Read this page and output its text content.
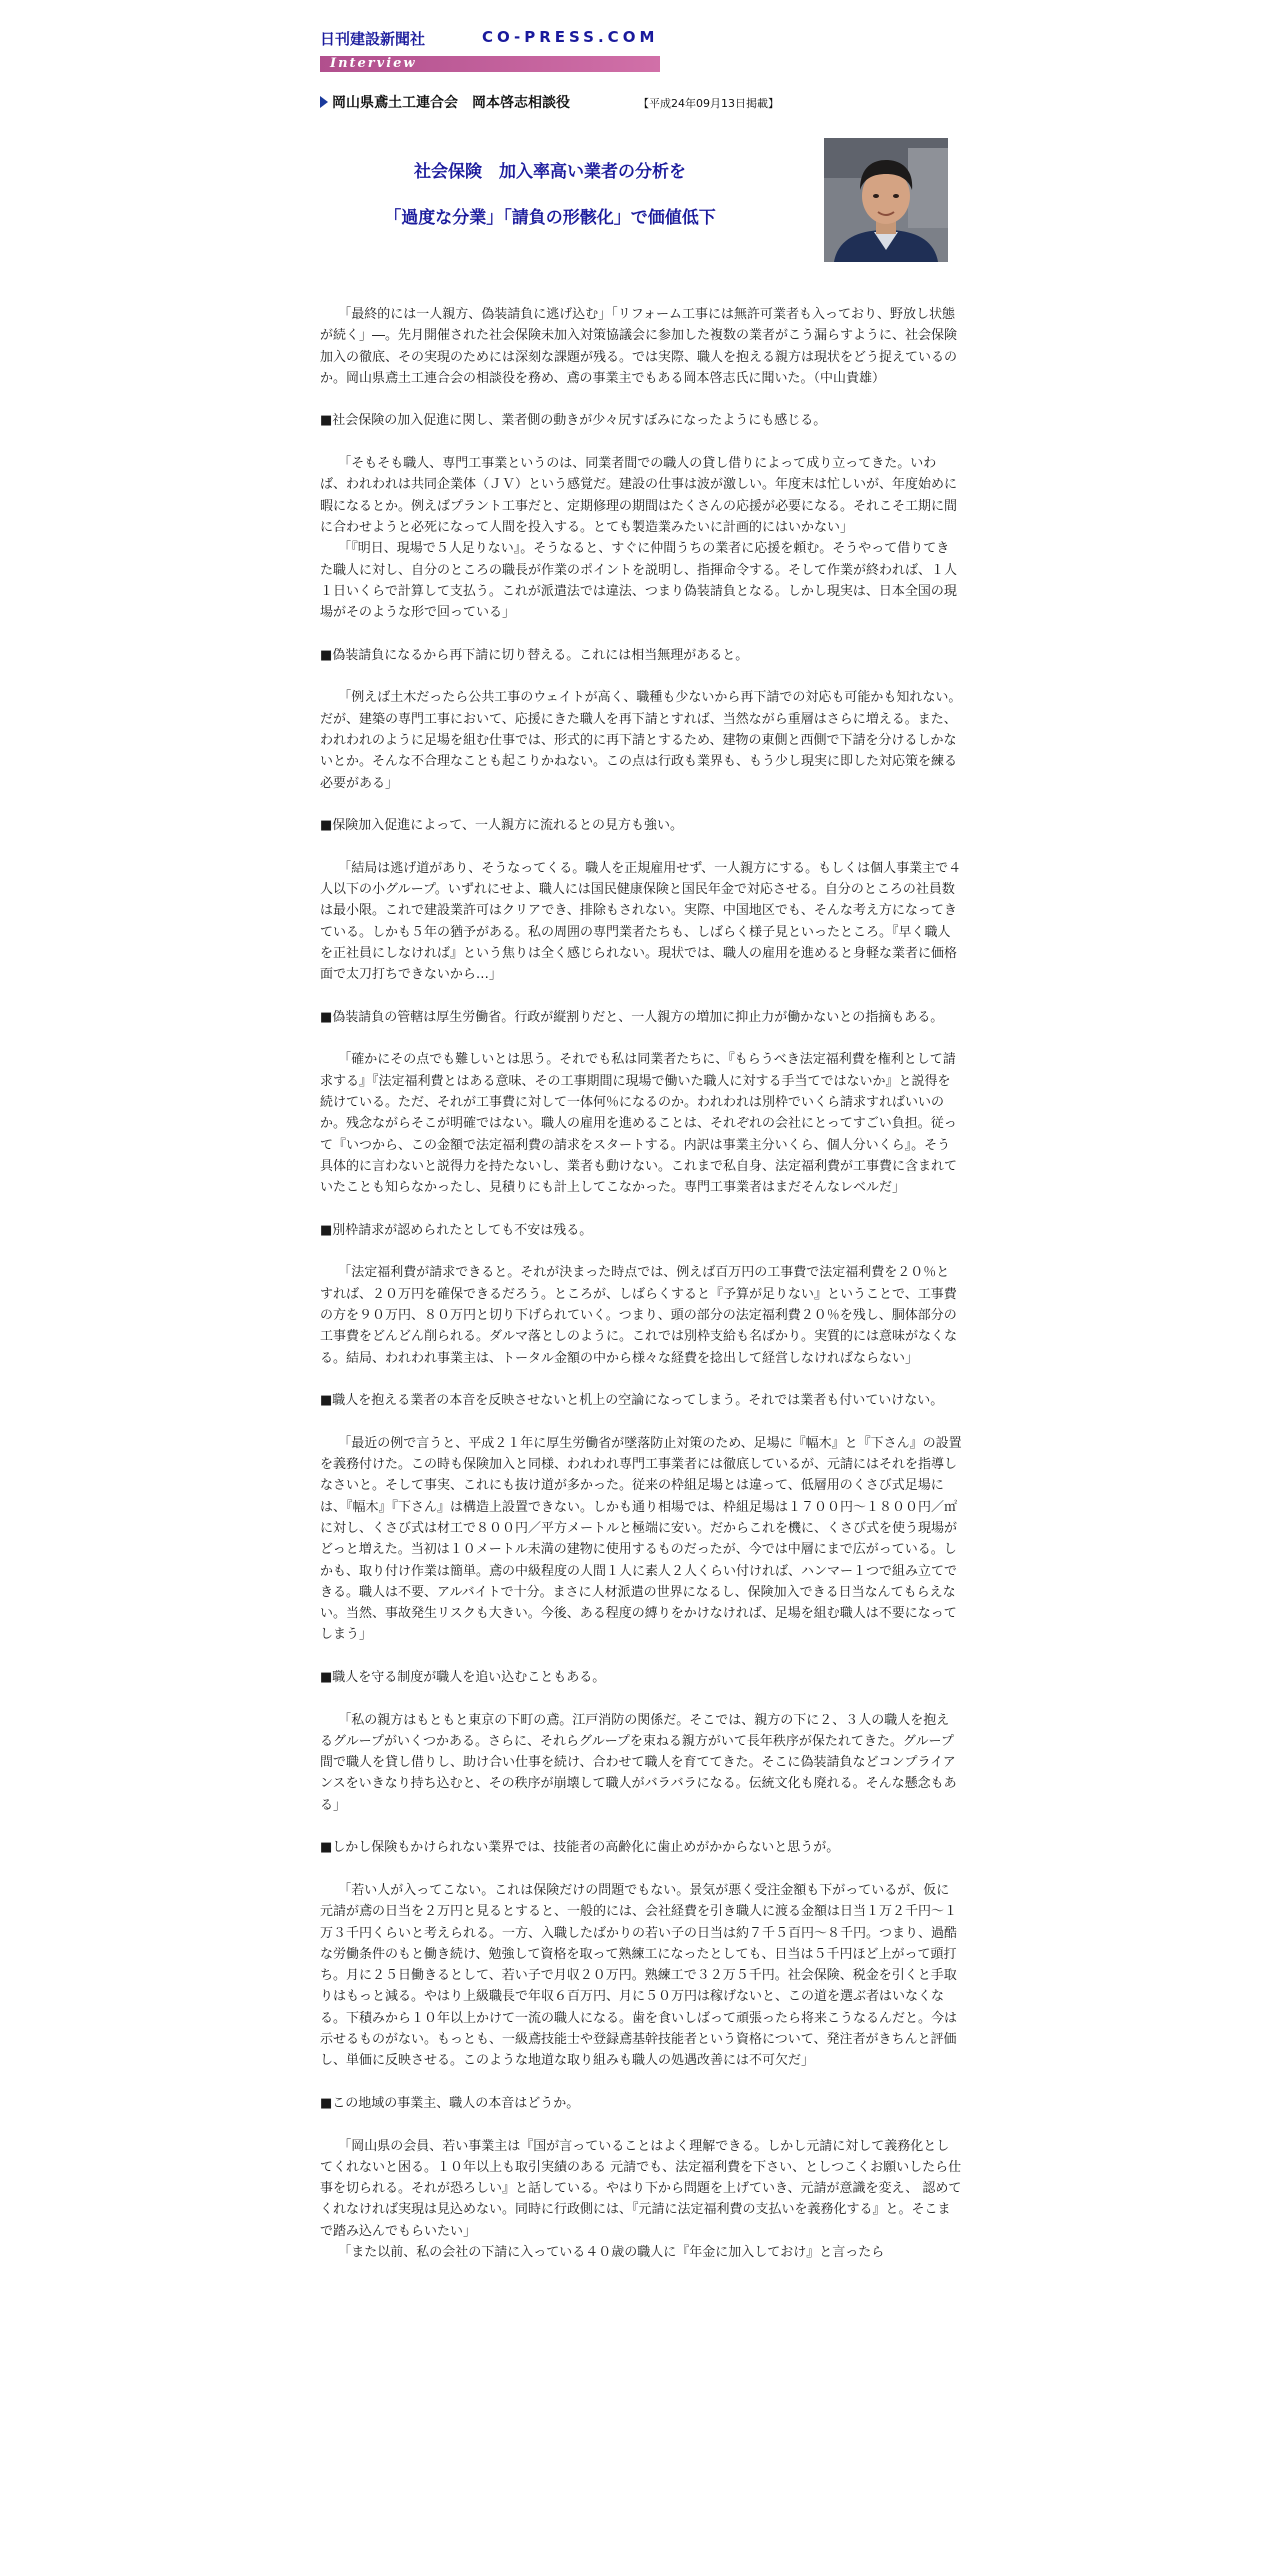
日刊建設新聞社	CO-PRESS.COM
Interview
岡山県鳶土工連合会　岡本啓志相談役	【平成24年09月13日掲載】
社会保険　加入率高い業者の分析を
「過度な分業」「請負の形骸化」で価値低下

「最終的には一人親方、偽装請負に逃げ込む」「リフォーム工事には無許可業者も入っており、野放し状態が続く」―。先月開催された社会保険未加入対策協議会に参加した複数の業者がこう漏らすように、社会保険加入の徹底、その実現のためには深刻な課題が残る。では実際、職人を抱える親方は現状をどう捉えているのか。岡山県鳶土工連合会の相談役を務め、鳶の事業主でもある岡本啓志氏に聞いた。（中山貴雄）

■社会保険の加入促進に関し、業者側の動きが少々尻すぼみになったようにも感じる。

「そもそも職人、専門工事業というのは、同業者間での職人の貸し借りによって成り立ってきた。いわば、われわれは共同企業体（ＪＶ）という感覚だ。建設の仕事は波が激しい。年度末は忙しいが、年度始めに暇になるとか。例えばプラント工事だと、定期修理の期間はたくさんの応援が必要になる。それこそ工期に間に合わせようと必死になって人間を投入する。とても製造業みたいに計画的にはいかない」

「『明日、現場で５人足りない』。そうなると、すぐに仲間うちの業者に応援を頼む。そうやって借りてきた職人に対し、自分のところの職長が作業のポイントを説明し、指揮命令する。そして作業が終われば、１人１日いくらで計算して支払う。これが派遣法では違法、つまり偽装請負となる。しかし現実は、日本全国の現場がそのような形で回っている」

■偽装請負になるから再下請に切り替える。これには相当無理があると。

「例えば土木だったら公共工事のウェイトが高く、職種も少ないから再下請での対応も可能かも知れない。だが、建築の専門工事において、応援にきた職人を再下請とすれば、当然ながら重層はさらに増える。また、われわれのように足場を組む仕事では、形式的に再下請とするため、建物の東側と西側で下請を分けるしかないとか。そんな不合理なことも起こりかねない。この点は行政も業界も、もう少し現実に即した対応策を練る必要がある」

■保険加入促進によって、一人親方に流れるとの見方も強い。

「結局は逃げ道があり、そうなってくる。職人を正規雇用せず、一人親方にする。もしくは個人事業主で４人以下の小グループ。いずれにせよ、職人には国民健康保険と国民年金で対応させる。自分のところの社員数は最小限。これで建設業許可はクリアでき、排除もされない。実際、中国地区でも、そんな考え方になってきている。しかも５年の猶予がある。私の周囲の専門業者たちも、しばらく様子見といったところ。『早く職人を正社員にしなければ』という焦りは全く感じられない。現状では、職人の雇用を進めると身軽な業者に価格面で太刀打ちできないから…」

■偽装請負の管轄は厚生労働省。行政が縦割りだと、一人親方の増加に抑止力が働かないとの指摘もある。

「確かにその点でも難しいとは思う。それでも私は同業者たちに、『もらうべき法定福利費を権利として請求する』『法定福利費とはある意味、その工事期間に現場で働いた職人に対する手当てではないか』と説得を続けている。ただ、それが工事費に対して一体何％になるのか。われわれは別枠でいくら請求すればいいのか。残念ながらそこが明確ではない。職人の雇用を進めることは、それぞれの会社にとってすごい負担。従って『いつから、この金額で法定福利費の請求をスタートする。内訳は事業主分いくら、個人分いくら』。そう具体的に言わないと説得力を持たないし、業者も動けない。これまで私自身、法定福利費が工事費に含まれていたことも知らなかったし、見積りにも計上してこなかった。専門工事業者はまだそんなレベルだ」

■別枠請求が認められたとしても不安は残る。

「法定福利費が請求できると。それが決まった時点では、例えば百万円の工事費で法定福利費を２０％とすれば、２０万円を確保できるだろう。ところが、しばらくすると『予算が足りない』ということで、工事費の方を９０万円、８０万円と切り下げられていく。つまり、頭の部分の法定福利費２０％を残し、胴体部分の工事費をどんどん削られる。ダルマ落としのように。これでは別枠支給も名ばかり。実質的には意味がなくなる。結局、われわれ事業主は、トータル金額の中から様々な経費を捻出して経営しなければならない」

■職人を抱える業者の本音を反映させないと机上の空論になってしまう。それでは業者も付いていけない。

「最近の例で言うと、平成２１年に厚生労働省が墜落防止対策のため、足場に『幅木』と『下さん』の設置を義務付けた。この時も保険加入と同様、われわれ専門工事業者には徹底しているが、元請にはそれを指導しなさいと。そして事実、これにも抜け道が多かった。従来の枠組足場とは違って、低層用のくさび式足場には、『幅木』『下さん』は構造上設置できない。しかも通り相場では、枠組足場は１７００円～１８００円／㎡に対し、くさび式は材工で８００円／平方メートルと極端に安い。だからこれを機に、くさび式を使う現場がどっと増えた。当初は１０メートル未満の建物に使用するものだったが、今では中層にまで広がっている。しかも、取り付け作業は簡単。鳶の中級程度の人間１人に素人２人くらい付ければ、ハンマー１つで組み立てできる。職人は不要、アルバイトで十分。まさに人材派遣の世界になるし、保険加入できる日当なんてもらえない。当然、事故発生リスクも大きい。今後、ある程度の縛りをかけなければ、足場を組む職人は不要になってしまう」

■職人を守る制度が職人を追い込むこともある。

「私の親方はもともと東京の下町の鳶。江戸消防の関係だ。そこでは、親方の下に２、３人の職人を抱えるグループがいくつかある。さらに、それらグループを束ねる親方がいて長年秩序が保たれてきた。グループ間で職人を貸し借りし、助け合い仕事を続け、合わせて職人を育ててきた。そこに偽装請負などコンプライアンスをいきなり持ち込むと、その秩序が崩壊して職人がバラバラになる。伝統文化も廃れる。そんな懸念もある」

■しかし保険もかけられない業界では、技能者の高齢化に歯止めがかからないと思うが。

「若い人が入ってこない。これは保険だけの問題でもない。景気が悪く受注金額も下がっているが、仮に元請が鳶の日当を２万円と見るとすると、一般的には、会社経費を引き職人に渡る金額は日当１万２千円～１万３千円くらいと考えられる。一方、入職したばかりの若い子の日当は約７千５百円～８千円。つまり、過酷な労働条件のもと働き続け、勉強して資格を取って熟練工になったとしても、日当は５千円ほど上がって頭打ち。月に２５日働きるとして、若い子で月収２０万円。熟練工で３２万５千円。社会保険、税金を引くと手取りはもっと減る。やはり上級職長で年収６百万円、月に５０万円は稼げないと、この道を選ぶ者はいなくなる。下積みから１０年以上かけて一流の職人になる。歯を食いしばって頑張ったら将来こうなるんだと。今は示せるものがない。もっとも、一級鳶技能士や登録鳶基幹技能者という資格について、発注者がきちんと評価し、単価に反映させる。このような地道な取り組みも職人の処遇改善には不可欠だ」

■この地域の事業主、職人の本音はどうか。

「岡山県の会員、若い事業主は『国が言っていることはよく理解できる。しかし元請に対して義務化としてくれないと困る。１０年以上も取引実績のある 元請でも、法定福利費を下さい、としつこくお願いしたら仕事を切られる。それが恐ろしい』と話している。やはり下から問題を上げていき、元請が意識を変え、 認めてくれなければ実現は見込めない。同時に行政側には、『元請に法定福利費の支払いを義務化する』と。そこまで踏み込んでもらいたい」

「また以前、私の会社の下請に入っている４０歳の職人に『年金に加入しておけ』と言ったら
